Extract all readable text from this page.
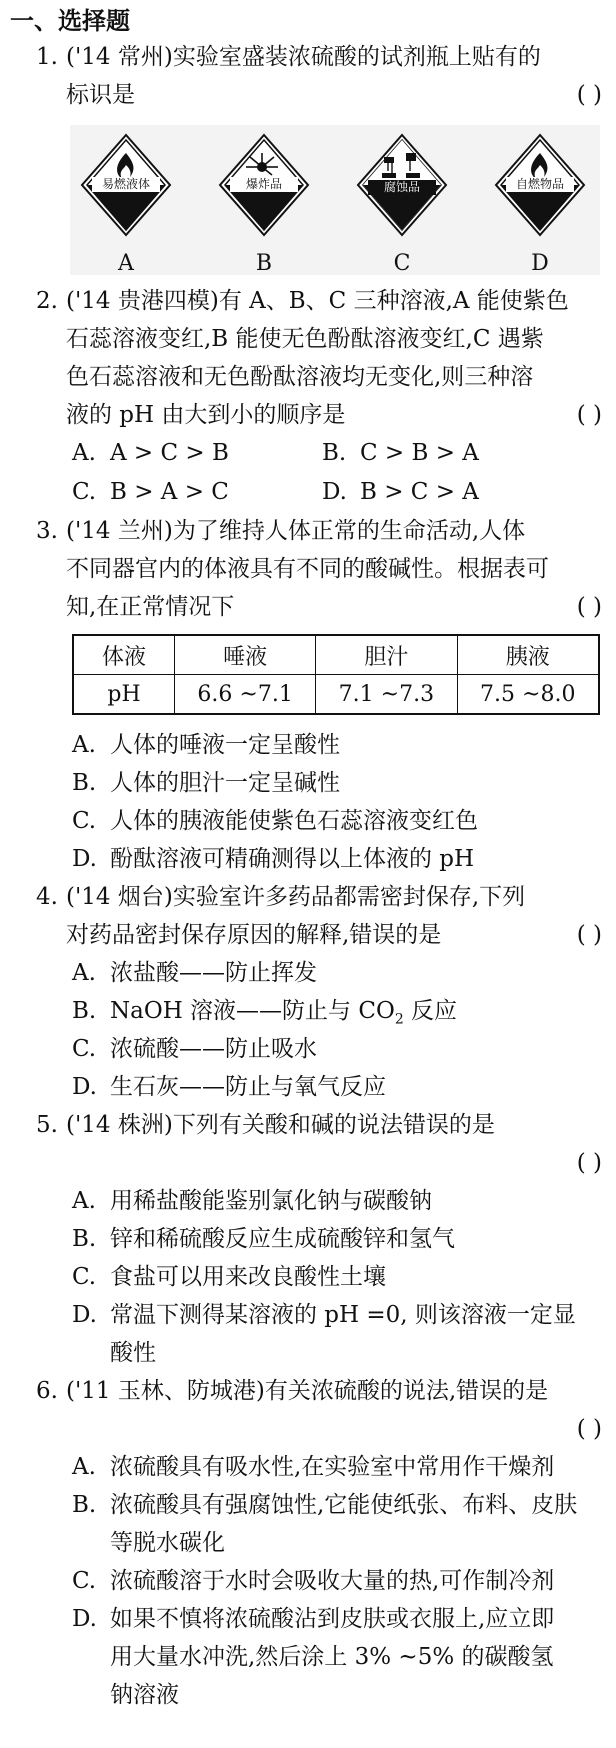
一、选择题
1. ('14 常州)实验室盛装浓硫酸的试剂瓶上贴有的
标识是	( )
易燃液体
A
爆炸品
B
腐蚀品
C
自燃物品
D
2. ('14 贵港四模)有 A、B、C 三种溶液,A 能使紫色
石蕊溶液变红,B 能使无色酚酞溶液变红,C 遇紫
色石蕊溶液和无色酚酞溶液均无变化,则三种溶
液的 pH 由大到小的顺序是	( )
A. A > C > B	B. C > B > A
C. B > A > C	D. B > C > A
3. ('14 兰州)为了维持人体正常的生命活动,人体
不同器官内的体液具有不同的酸碱性。根据表可
知,在正常情况下	( )
体液	唾液	胆汁	胰液
pH	6.6 ~7.1	7.1 ~7.3	7.5 ~8.0
A. 人体的唾液一定呈酸性
B. 人体的胆汁一定呈碱性
C. 人体的胰液能使紫色石蕊溶液变红色
D. 酚酞溶液可精确测得以上体液的 pH
4. ('14 烟台)实验室许多药品都需密封保存,下列
对药品密封保存原因的解释,错误的是	( )
A. 浓盐酸——防止挥发
B. NaOH 溶液——防止与 $CO_2$ 反应
C. 浓硫酸——防止吸水
D. 生石灰——防止与氧气反应
5. ('14 株洲)下列有关酸和碱的说法错误的是
( )
A. 用稀盐酸能鉴别氯化钠与碳酸钠
B. 锌和稀硫酸反应生成硫酸锌和氢气
C. 食盐可以用来改良酸性土壤
D. 常温下测得某溶液的 pH =0, 则该溶液一定显
酸性
6. ('11 玉林、防城港)有关浓硫酸的说法,错误的是
( )
A. 浓硫酸具有吸水性,在实验室中常用作干燥剂
B. 浓硫酸具有强腐蚀性,它能使纸张、布料、皮肤
等脱水碳化
C. 浓硫酸溶于水时会吸收大量的热,可作制冷剂
D. 如果不慎将浓硫酸沾到皮肤或衣服上,应立即
用大量水冲洗,然后涂上 3% ~5% 的碳酸氢
钠溶液
